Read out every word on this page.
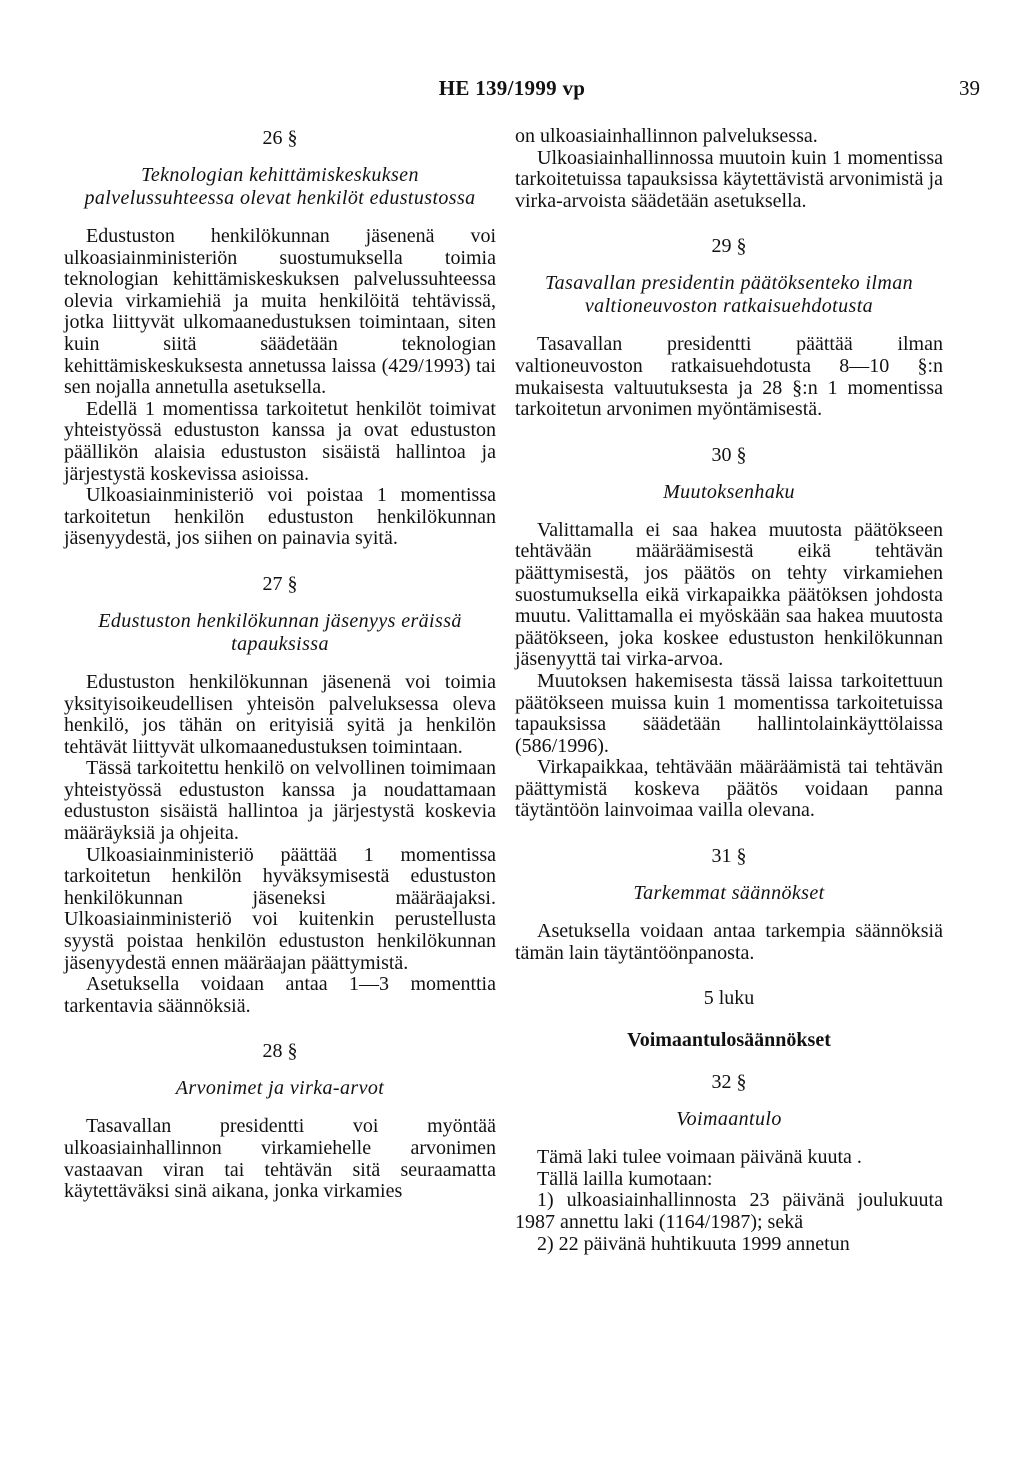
HE 139/1999 vp	39
26 §
Teknologian kehittämiskeskuksen palvelussuhteessa olevat henkilöt edustustossa

Edustuston henkilökunnan jäsenenä voi ulkoasiainministeriön suostumuksella toimia teknologian kehittämiskeskuksen palvelussuhteessa olevia virkamiehiä ja muita henkilöitä tehtävissä, jotka liittyvät ulkomaanedustuksen toimintaan, siten kuin siitä säädetään teknologian kehittämiskeskuksesta annetussa laissa (429/1993) tai sen nojalla annetulla asetuksella.

Edellä 1 momentissa tarkoitetut henkilöt toimivat yhteistyössä edustuston kanssa ja ovat edustuston päällikön alaisia edustuston sisäistä hallintoa ja järjestystä koskevissa asioissa.

Ulkoasiainministeriö voi poistaa 1 momentissa tarkoitetun henkilön edustuston henkilökunnan jäsenyydestä, jos siihen on painavia syitä.

27 §
Edustuston henkilökunnan jäsenyys eräissä tapauksissa

Edustuston henkilökunnan jäsenenä voi toimia yksityisoikeudellisen yhteisön palveluksessa oleva henkilö, jos tähän on erityisiä syitä ja henkilön tehtävät liittyvät ulkomaanedustuksen toimintaan.

Tässä tarkoitettu henkilö on velvollinen toimimaan yhteistyössä edustuston kanssa ja noudattamaan edustuston sisäistä hallintoa ja järjestystä koskevia määräyksiä ja ohjeita.

Ulkoasiainministeriö päättää 1 momentissa tarkoitetun henkilön hyväksymisestä edustuston henkilökunnan jäseneksi määräajaksi. Ulkoasiainministeriö voi kuitenkin perustellusta syystä poistaa henkilön edustuston henkilökunnan jäsenyydestä ennen määräajan päättymistä.

Asetuksella voidaan antaa 1—3 momenttia tarkentavia säännöksiä.

28 §
Arvonimet ja virka-arvot

Tasavallan presidentti voi myöntää ulkoasiainhallinnon virkamiehelle arvonimen vastaavan viran tai tehtävän sitä seuraamatta käytettäväksi sinä aikana, jonka virkamies

on ulkoasiainhallinnon palveluksessa.

Ulkoasiainhallinnossa muutoin kuin 1 momentissa tarkoitetuissa tapauksissa käytettävistä arvonimistä ja virka-arvoista säädetään asetuksella.

29 §
Tasavallan presidentin päätöksenteko ilman valtioneuvoston ratkaisuehdotusta

Tasavallan presidentti päättää ilman valtioneuvoston ratkaisuehdotusta 8—10 §:n mukaisesta valtuutuksesta ja 28 §:n 1 momentissa tarkoitetun arvonimen myöntämisestä.

30 §
Muutoksenhaku

Valittamalla ei saa hakea muutosta päätökseen tehtävään määräämisestä eikä tehtävän päättymisestä, jos päätös on tehty virkamiehen suostumuksella eikä virkapaikka päätöksen johdosta muutu. Valittamalla ei myöskään saa hakea muutosta päätökseen, joka koskee edustuston henkilökunnan jäsenyyttä tai virka-arvoa.

Muutoksen hakemisesta tässä laissa tarkoitettuun päätökseen muissa kuin 1 momentissa tarkoitetuissa tapauksissa säädetään hallintolainkäyttölaissa (586/1996).

Virkapaikkaa, tehtävään määräämistä tai tehtävän päättymistä koskeva päätös voidaan panna täytäntöön lainvoimaa vailla olevana.

31 §
Tarkemmat säännökset

Asetuksella voidaan antaa tarkempia säännöksiä tämän lain täytäntöönpanosta.

5 luku
Voimaantulosäännökset
32 §
Voimaantulo

Tämä laki tulee voimaan päivänä kuuta .

Tällä lailla kumotaan:

1) ulkoasiainhallinnosta 23 päivänä joulukuuta 1987 annettu laki (1164/1987); sekä

2) 22 päivänä huhtikuuta 1999 annetun
